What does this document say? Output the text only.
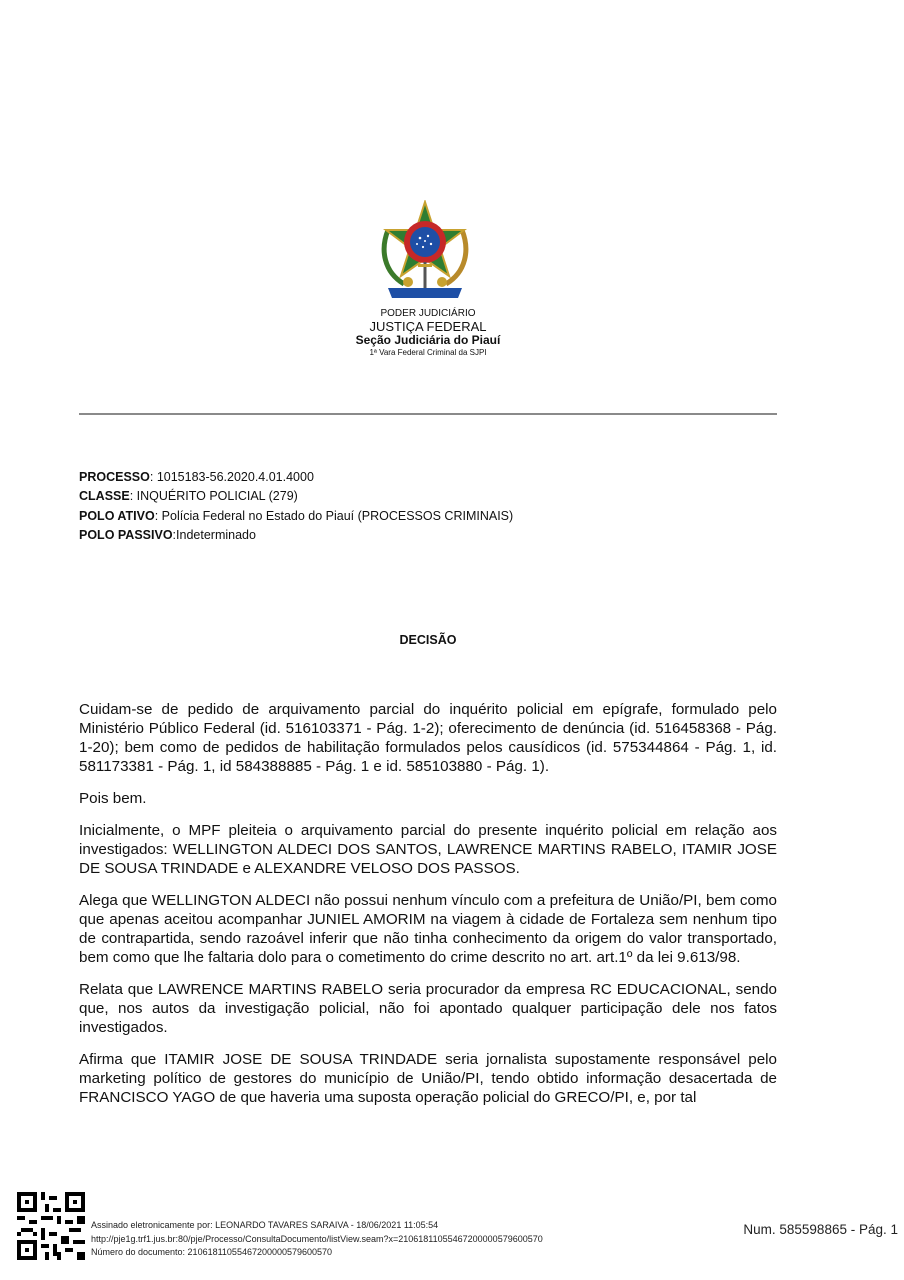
PODER JUDICIÁRIO
JUSTIÇA FEDERAL
Seção Judiciária do Piauí
1ª Vara Federal Criminal da SJPI
PROCESSO: 1015183-56.2020.4.01.4000
CLASSE: INQUÉRITO POLICIAL (279)
POLO ATIVO: Polícia Federal no Estado do Piauí (PROCESSOS CRIMINAIS)
POLO PASSIVO:Indeterminado
DECISÃO

Cuidam-se de pedido de arquivamento parcial do inquérito policial em epígrafe, formulado pelo Ministério Público Federal (id. 516103371 - Pág. 1-2); oferecimento de denúncia (id. 516458368 - Pág. 1-20); bem como de pedidos de habilitação formulados pelos causídicos (id. 575344864 - Pág. 1, id. 581173381 - Pág. 1, id 584388885 - Pág. 1 e id. 585103880 - Pág. 1).

Pois bem.

Inicialmente, o MPF pleiteia o arquivamento parcial do presente inquérito policial em relação aos investigados: WELLINGTON ALDECI DOS SANTOS, LAWRENCE MARTINS RABELO, ITAMIR JOSE DE SOUSA TRINDADE e ALEXANDRE VELOSO DOS PASSOS.

Alega que WELLINGTON ALDECI não possui nenhum vínculo com a prefeitura de União/PI, bem como que apenas aceitou acompanhar JUNIEL AMORIM na viagem à cidade de Fortaleza sem nenhum tipo de contrapartida, sendo razoável inferir que não tinha conhecimento da origem do valor transportado, bem como que lhe faltaria dolo para o cometimento do crime descrito no art. art.1º da lei 9.613/98.

Relata que LAWRENCE MARTINS RABELO seria procurador da empresa RC EDUCACIONAL, sendo que, nos autos da investigação policial, não foi apontado qualquer participação dele nos fatos investigados.

Afirma que ITAMIR JOSE DE SOUSA TRINDADE seria jornalista supostamente responsável pelo marketing político de gestores do município de União/PI, tendo obtido informação desacertada de FRANCISCO YAGO de que haveria uma suposta operação policial do GRECO/PI, e, por tal

Assinado eletronicamente por: LEONARDO TAVARES SARAIVA - 18/06/2021 11:05:54
http://pje1g.trf1.jus.br:80/pje/Processo/ConsultaDocumento/listView.seam?x=21061811055467200000579600570
Número do documento: 21061811055467200000579600570
Num. 585598865 - Pág. 1
